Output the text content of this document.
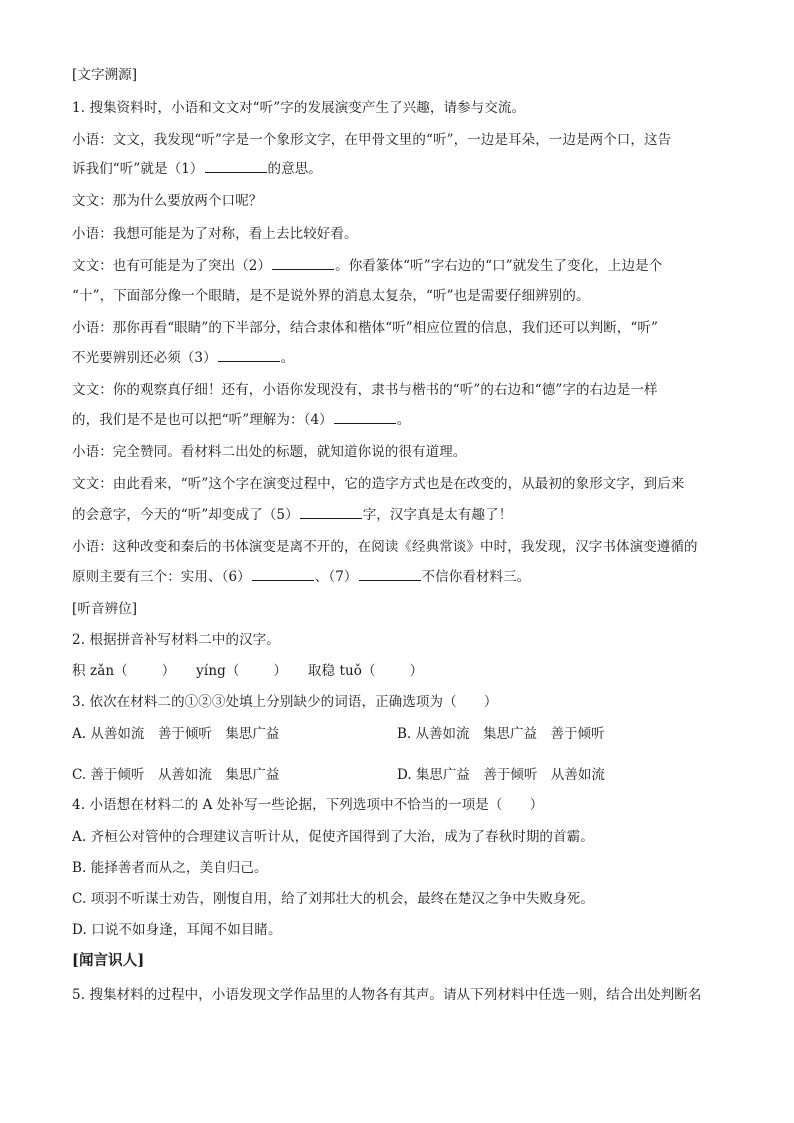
[文字溯源]
1. 搜集资料时，小语和文文对“听”字的发展演变产生了兴趣，请参与交流。
小语：文文，我发现“听”字是一个象形文字，在甲骨文里的“听”，一边是耳朵，一边是两个口，这告
诉我们“听”就是（1）	的意思。
文文：那为什么要放两个口呢？
小语：我想可能是为了对称，看上去比较好看。
文文：也有可能是为了突出（2）	。你看篆体“听”字右边的“口”就发生了变化，上边是个
“十”，下面部分像一个眼睛，是不是说外界的消息太复杂，“听”也是需要仔细辨别的。
小语：那你再看“眼睛”的下半部分，结合隶体和楷体“听”相应位置的信息，我们还可以判断，“听”
不光要辨别还必须（3）	。
文文：你的观察真仔细！还有，小语你发现没有，隶书与楷书的“听”的右边和“德”字的右边是一样
的，我们是不是也可以把“听”理解为：（4）	。
小语：完全赞同。看材料二出处的标题，就知道你说的很有道理。
文文：由此看来，“听”这个字在演变过程中，它的造字方式也是在改变的，从最初的象形文字，到后来
的会意字，今天的“听”却变成了（5）	字，汉字真是太有趣了！
小语：这种改变和秦后的书体演变是离不开的，在阅读《经典常谈》中时，我发现，汉字书体演变遵循的
原则主要有三个：实用、（6）	、（7）	不信你看材料三。
[听音辨位]
2. 根据拼音补写材料二中的汉字。
积 zǎn（	） yíng（	） 取稳 tuǒ（	）
3. 依次在材料二的①②③处填上分别缺少的词语，正确选项为（　　）
A. 从善如流　善于倾听　集思广益	B. 从善如流　集思广益　善于倾听
C. 善于倾听　从善如流　集思广益	D. 集思广益　善于倾听　从善如流
4. 小语想在材料二的 A 处补写一些论据，下列选项中不恰当的一项是（　　）
A. 齐桓公对管仲的合理建议言听计从，促使齐国得到了大治，成为了春秋时期的首霸。
B. 能择善者而从之，美自归己。
C. 项羽不听谋士劝告，刚愎自用，给了刘邦壮大的机会，最终在楚汉之争中失败身死。
D. 口说不如身逢，耳闻不如目睹。
[闻言识人]
5. 搜集材料的过程中，小语发现文学作品里的人物各有其声。请从下列材料中任选一则，结合出处判断名
